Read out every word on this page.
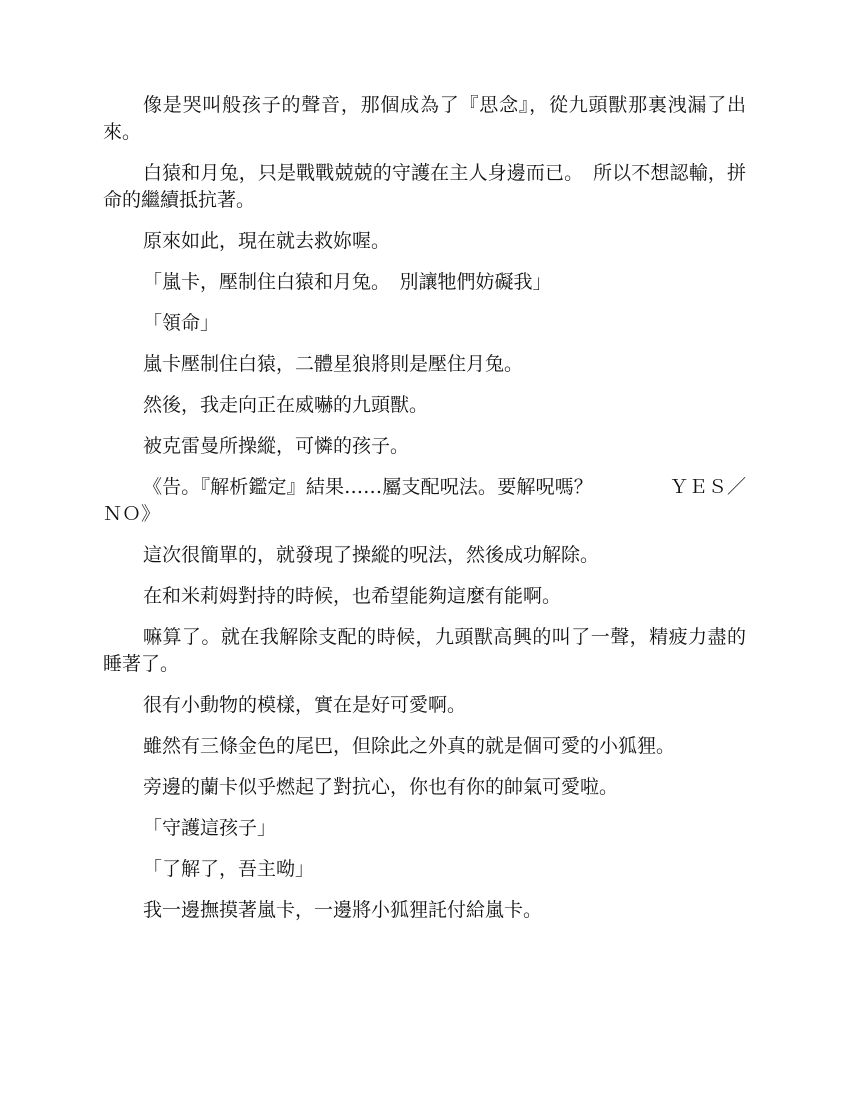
像是哭叫般孩子的聲音，那個成為了『思念』，從九頭獸那裏洩漏了出來。

白猿和月兔，只是戰戰兢兢的守護在主人身邊而已。　所以不想認輸，拼命的繼續抵抗著。

原來如此，現在就去救妳喔。

「嵐卡，壓制住白猿和月兔。　別讓牠們妨礙我」

「領命」

嵐卡壓制住白猿，二體星狼將則是壓住月兔。

然後，我走向正在威嚇的九頭獸。

被克雷曼所操縱，可憐的孩子。

《告。『解析鑑定』結果……屬支配呪法。要解呪嗎？　　　　ＹＥＳ／ＮＯ》

這次很簡單的，就發現了操縱的呪法，然後成功解除。

在和米莉姆對持的時候，也希望能夠這麼有能啊。

嘛算了。就在我解除支配的時候，九頭獸高興的叫了一聲，精疲力盡的睡著了。

很有小動物的模樣，實在是好可愛啊。

雖然有三條金色的尾巴，但除此之外真的就是個可愛的小狐狸。

旁邊的蘭卡似乎燃起了對抗心，你也有你的帥氣可愛啦。

「守護這孩子」

「了解了，吾主呦」

我一邊撫摸著嵐卡，一邊將小狐狸託付給嵐卡。
